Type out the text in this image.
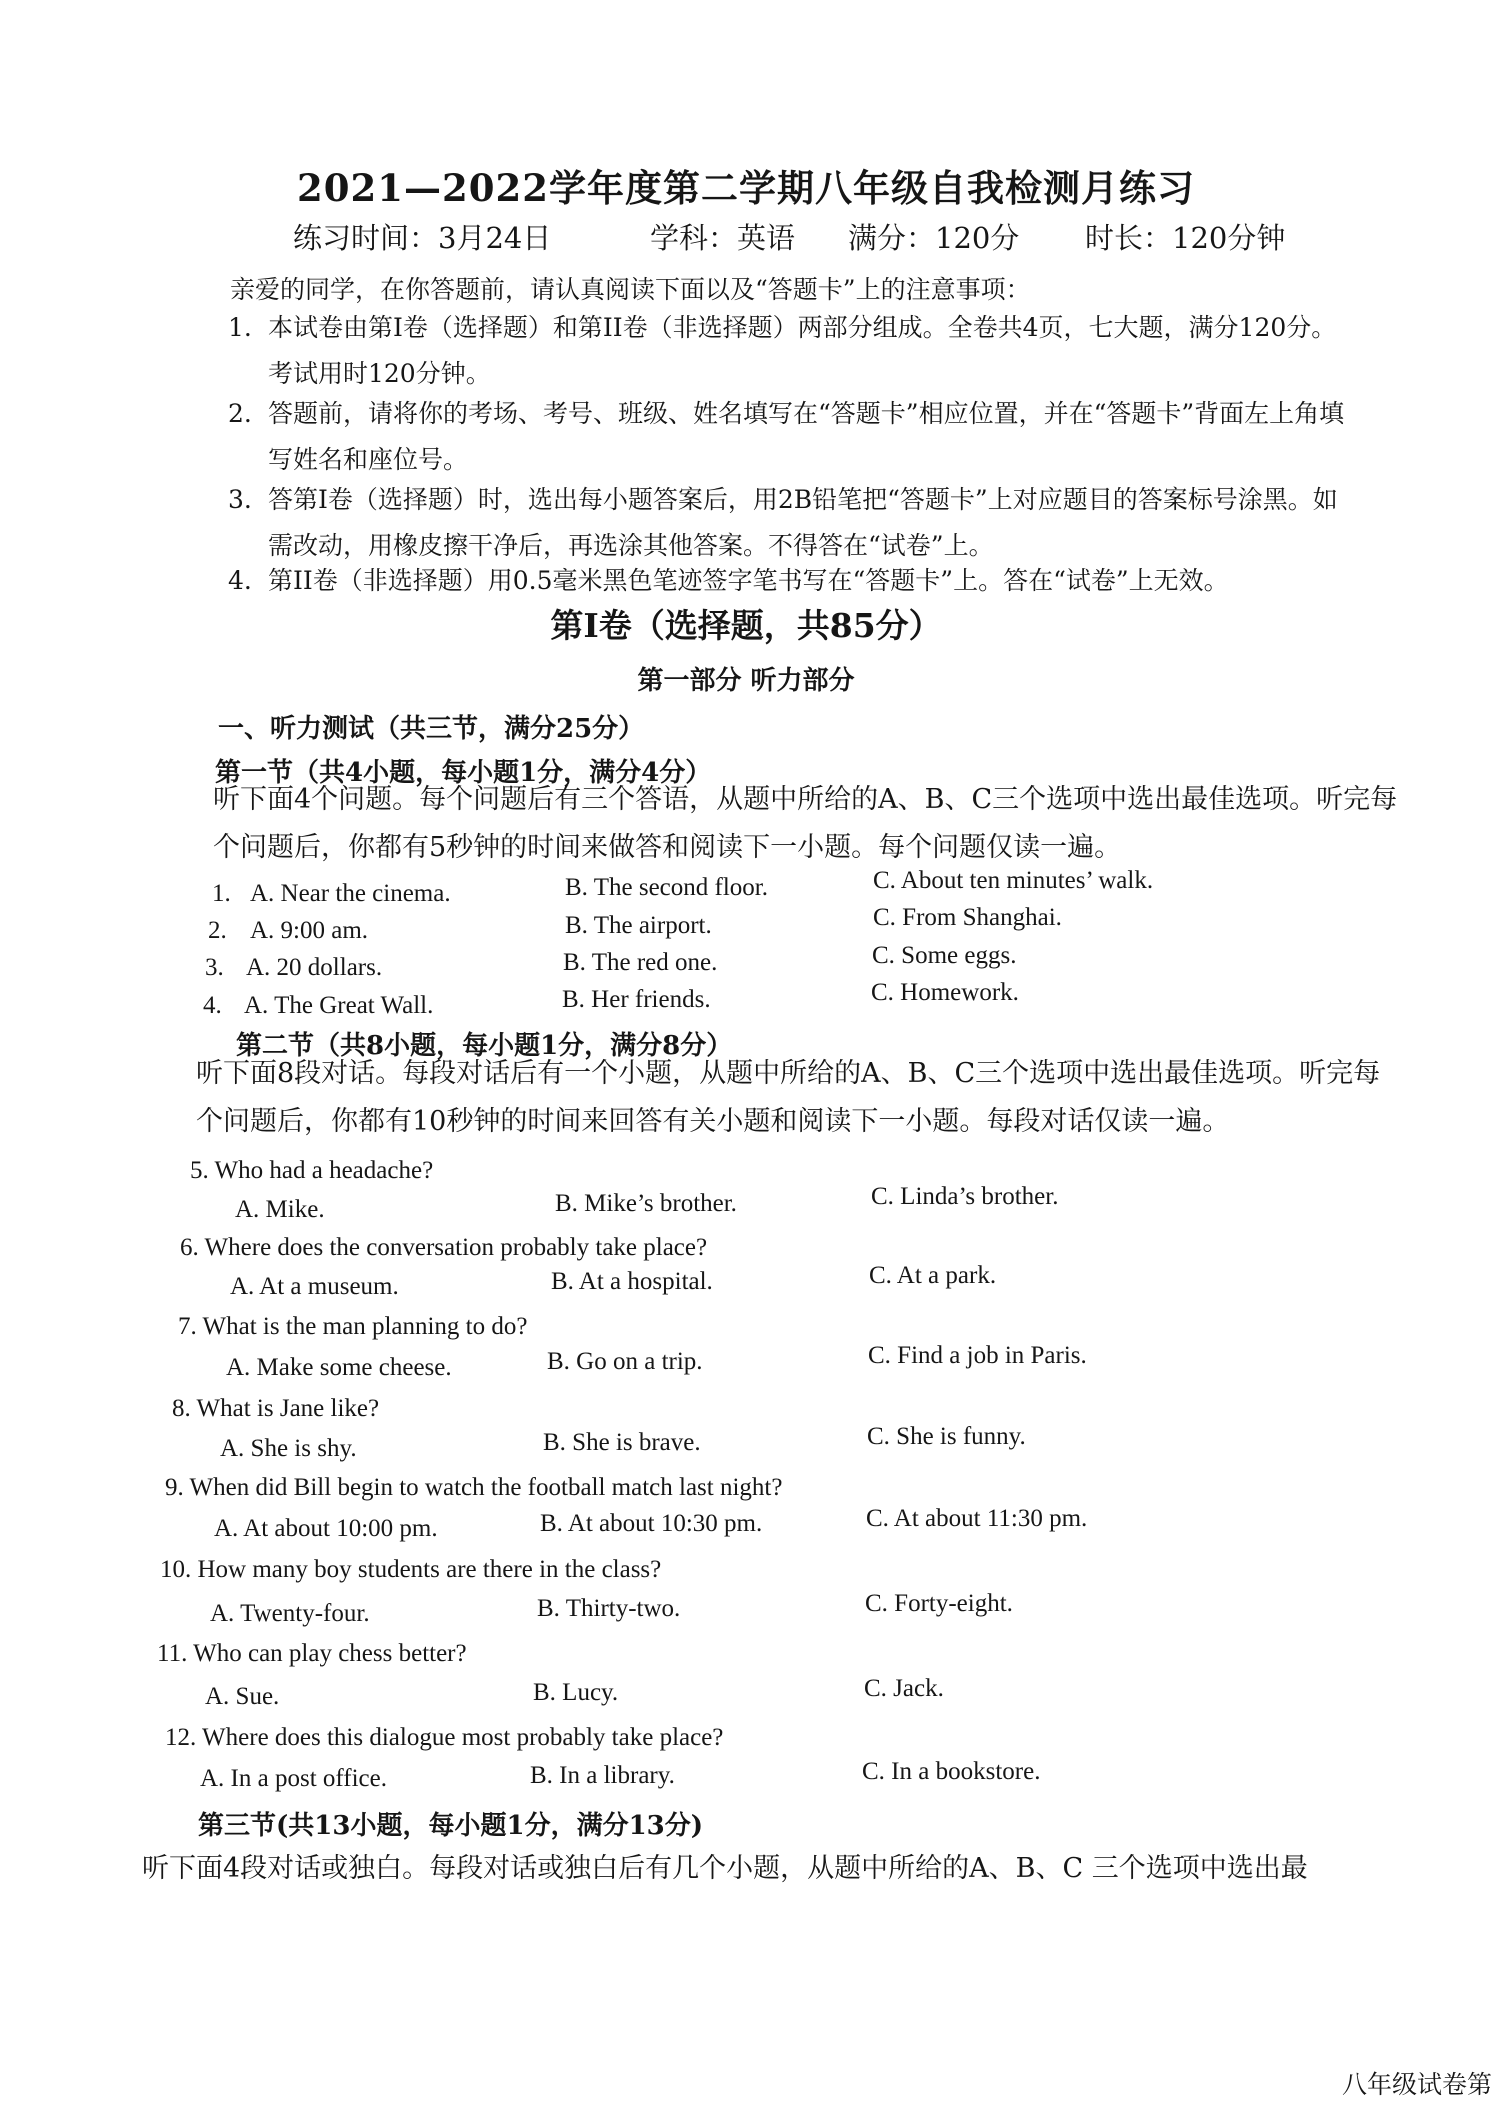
2021—2022学年度第二学期八年级自我检测月练习
练习时间：3月24日	学科：英语 满分：120分 时长：120分钟
亲爱的同学，在你答题前，请认真阅读下面以及“答题卡”上的注意事项：
1. 本试卷由第I卷（选择题）和第II卷（非选择题）两部分组成。全卷共4页，七大题，满分120分。
考试用时120分钟。
2. 答题前，请将你的考场、考号、班级、姓名填写在“答题卡”相应位置，并在“答题卡”背面左上角填
写姓名和座位号。
3. 答第I卷（选择题）时，选出每小题答案后，用2B铅笔把“答题卡”上对应题目的答案标号涂黑。如
需改动，用橡皮擦干净后，再选涂其他答案。不得答在“试卷”上。
4. 第II卷（非选择题）用0.5毫米黑色笔迹签字笔书写在“答题卡”上。答在“试卷”上无效。
第I卷（选择题，共85分）
第一部分 听力部分
一、听力测试（共三节，满分25分）
第一节（共4小题，每小题1分，满分4分）
听下面4个问题。每个问题后有三个答语，从题中所给的A、B、C三个选项中选出最佳选项。听完每
个问题后，你都有5秒钟的时间来做答和阅读下一小题。每个问题仅读一遍。
1. A. Near the cinema.	B. The second floor.	C. About ten minutes’ walk.
2. A. 9:00 am.	B. The airport.	C. From Shanghai.
3. A. 20 dollars.	B. The red one.	C. Some eggs.
4. A. The Great Wall.	B. Her friends.	C. Homework.
第二节（共8小题，每小题1分，满分8分）
听下面8段对话。每段对话后有一个小题，从题中所给的A、B、C三个选项中选出最佳选项。听完每
个问题后，你都有10秒钟的时间来回答有关小题和阅读下一小题。每段对话仅读一遍。
5. Who had a headache?
A. Mike.	B. Mike’s brother.	C. Linda’s brother.
6. Where does the conversation probably take place?
A. At a museum.	B. At a hospital.	C. At a park.
7. What is the man planning to do?
A. Make some cheese.	B. Go on a trip.	C. Find a job in Paris.
8. What is Jane like?
A. She is shy.	B. She is brave.	C. She is funny.
9. When did Bill begin to watch the football match last night?
A. At about 10:00 pm.	B. At about 10:30 pm.	C. At about 11:30 pm.
10. How many boy students are there in the class?
A. Twenty-four.	B. Thirty-two.	C. Forty-eight.
11. Who can play chess better?
A. Sue.	B. Lucy.	C. Jack.
12. Where does this dialogue most probably take place?
A. In a post office.	B. In a library.	C. In a bookstore.
第三节(共13小题，每小题1分，满分13分)
听下面4段对话或独白。每段对话或独白后有几个小题，从题中所给的A、B、C 三个选项中选出最
八年级试卷第
